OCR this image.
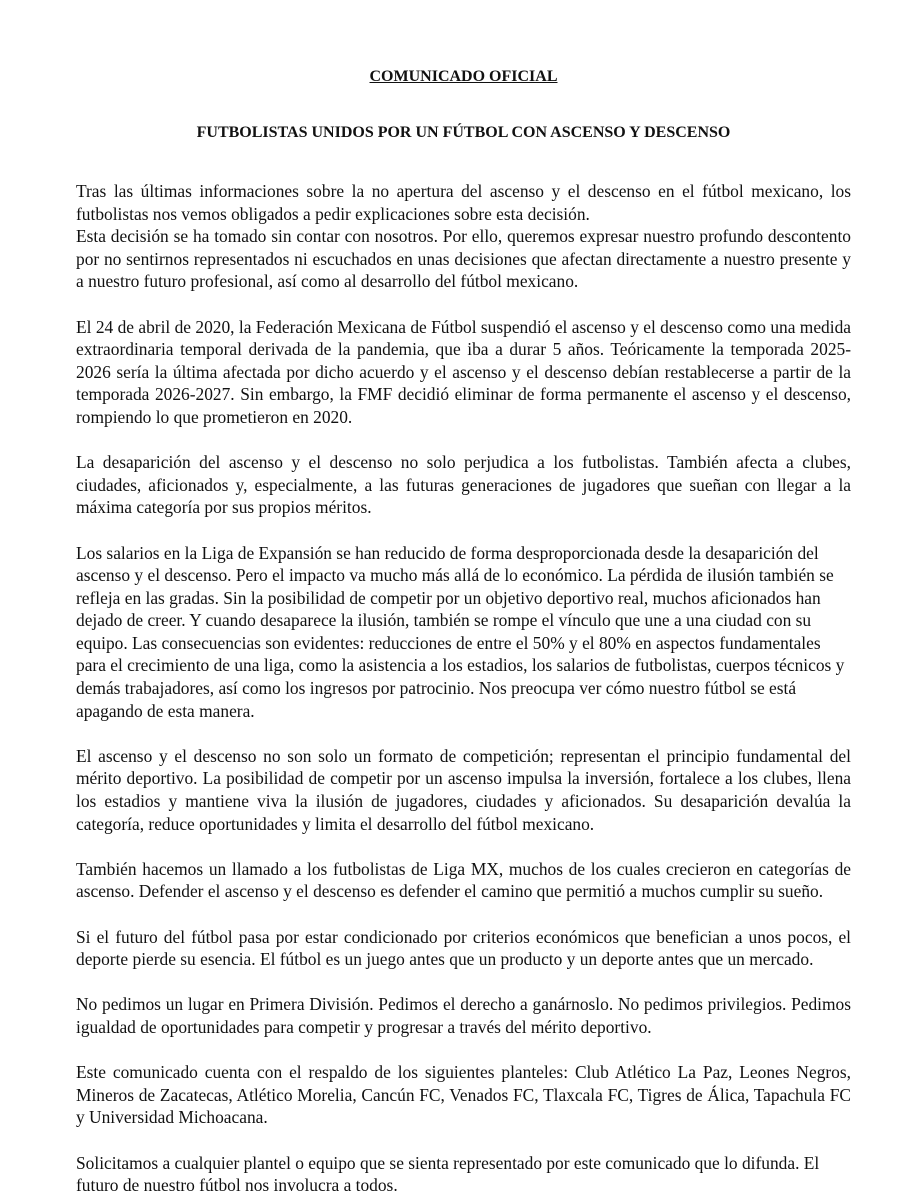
COMUNICADO OFICIAL
FUTBOLISTAS UNIDOS POR UN FÚTBOL CON ASCENSO Y DESCENSO

Tras las últimas informaciones sobre la no apertura del ascenso y el descenso en el fútbol mexicano, los futbolistas nos vemos obligados a pedir explicaciones sobre esta decisión.
Esta decisión se ha tomado sin contar con nosotros. Por ello, queremos expresar nuestro profundo descontento por no sentirnos representados ni escuchados en unas decisiones que afectan directamente a nuestro presente y a nuestro futuro profesional, así como al desarrollo del fútbol mexicano.

El 24 de abril de 2020, la Federación Mexicana de Fútbol suspendió el ascenso y el descenso como una medida extraordinaria temporal derivada de la pandemia, que iba a durar 5 años. Teóricamente la temporada 2025-2026 sería la última afectada por dicho acuerdo y el ascenso y el descenso debían restablecerse a partir de la temporada 2026-2027. Sin embargo, la FMF decidió eliminar de forma permanente el ascenso y el descenso, rompiendo lo que prometieron en 2020.

La desaparición del ascenso y el descenso no solo perjudica a los futbolistas. También afecta a clubes, ciudades, aficionados y, especialmente, a las futuras generaciones de jugadores que sueñan con llegar a la máxima categoría por sus propios méritos.

Los salarios en la Liga de Expansión se han reducido de forma desproporcionada desde la desaparición del ascenso y el descenso. Pero el impacto va mucho más allá de lo económico. La pérdida de ilusión también se refleja en las gradas. Sin la posibilidad de competir por un objetivo deportivo real, muchos aficionados han dejado de creer. Y cuando desaparece la ilusión, también se rompe el vínculo que une a una ciudad con su equipo. Las consecuencias son evidentes: reducciones de entre el 50% y el 80% en aspectos fundamentales para el crecimiento de una liga, como la asistencia a los estadios, los salarios de futbolistas, cuerpos técnicos y demás trabajadores, así como los ingresos por patrocinio. Nos preocupa ver cómo nuestro fútbol se está apagando de esta manera.

El ascenso y el descenso no son solo un formato de competición; representan el principio fundamental del mérito deportivo. La posibilidad de competir por un ascenso impulsa la inversión, fortalece a los clubes, llena los estadios y mantiene viva la ilusión de jugadores, ciudades y aficionados. Su desaparición devalúa la categoría, reduce oportunidades y limita el desarrollo del fútbol mexicano.

También hacemos un llamado a los futbolistas de Liga MX, muchos de los cuales crecieron en categorías de ascenso. Defender el ascenso y el descenso es defender el camino que permitió a muchos cumplir su sueño.

Si el futuro del fútbol pasa por estar condicionado por criterios económicos que benefician a unos pocos, el deporte pierde su esencia. El fútbol es un juego antes que un producto y un deporte antes que un mercado.

No pedimos un lugar en Primera División. Pedimos el derecho a ganárnoslo. No pedimos privilegios. Pedimos igualdad de oportunidades para competir y progresar a través del mérito deportivo.

Este comunicado cuenta con el respaldo de los siguientes planteles: Club Atlético La Paz, Leones Negros, Mineros de Zacatecas, Atlético Morelia, Cancún FC, Venados FC, Tlaxcala FC, Tigres de Álica, Tapachula FC y Universidad Michoacana.

Solicitamos a cualquier plantel o equipo que se sienta representado por este comunicado que lo difunda. El futuro de nuestro fútbol nos involucra a todos.
